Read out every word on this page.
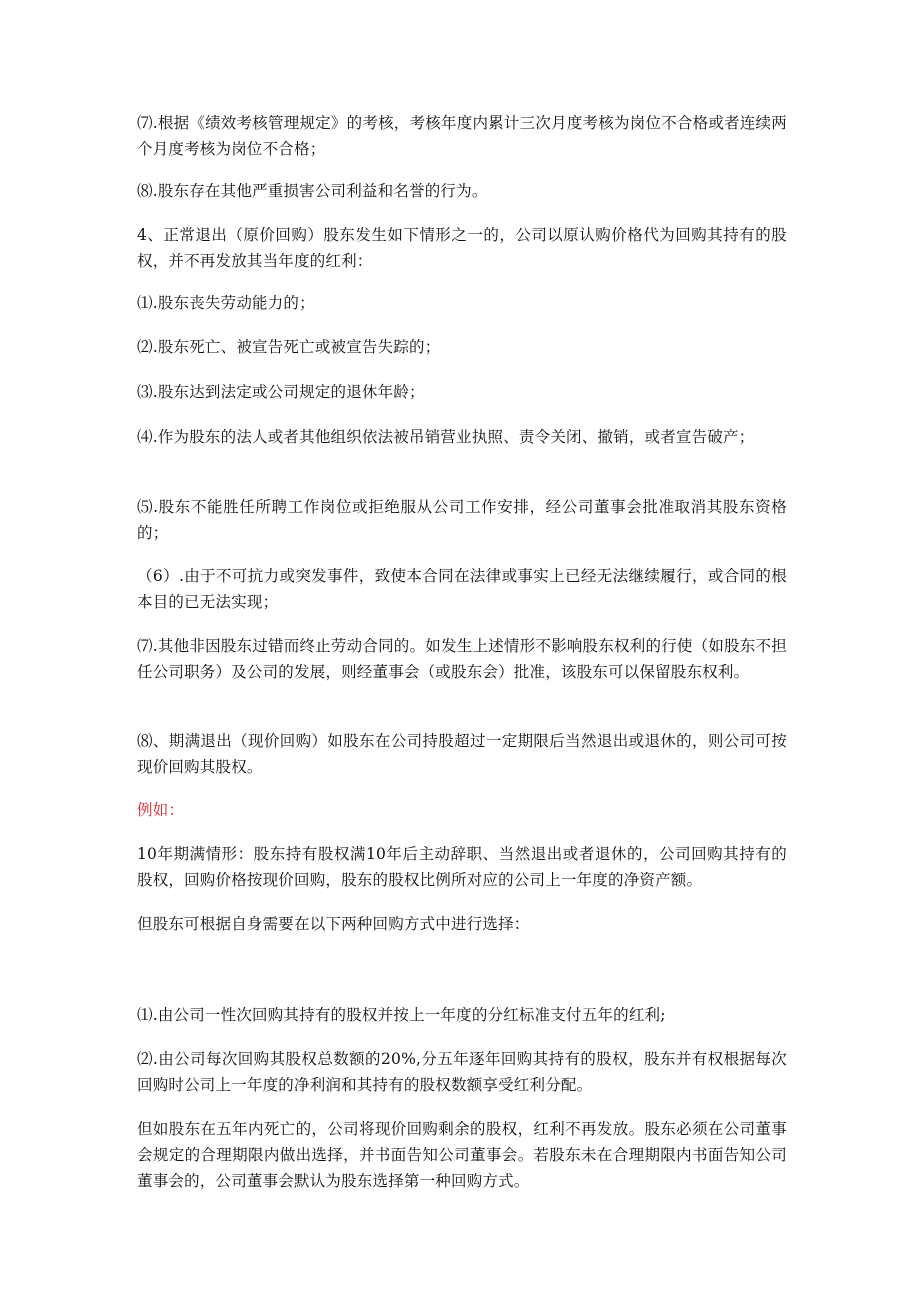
⑺.根据《绩效考核管理规定》的考核，考核年度内累计三次月度考核为岗位不合格或者连续两个月度考核为岗位不合格；

⑻.股东存在其他严重损害公司利益和名誉的行为。

4、正常退出（原价回购）股东发生如下情形之一的，公司以原认购价格代为回购其持有的股权，并不再发放其当年度的红利：

⑴.股东丧失劳动能力的；

⑵.股东死亡、被宣告死亡或被宣告失踪的；

⑶.股东达到法定或公司规定的退休年龄；

⑷.作为股东的法人或者其他组织依法被吊销营业执照、责令关闭、撤销，或者宣告破产；

⑸.股东不能胜任所聘工作岗位或拒绝服从公司工作安排，经公司董事会批准取消其股东资格的；

（6）.由于不可抗力或突发事件，致使本合同在法律或事实上已经无法继续履行，或合同的根本目的已无法实现；

⑺.其他非因股东过错而终止劳动合同的。如发生上述情形不影响股东权利的行使（如股东不担任公司职务）及公司的发展，则经董事会（或股东会）批准，该股东可以保留股东权利。

⑻、期满退出（现价回购）如股东在公司持股超过一定期限后当然退出或退休的，则公司可按现价回购其股权。

例如：

10年期满情形：股东持有股权满10年后主动辞职、当然退出或者退休的，公司回购其持有的股权，回购价格按现价回购，股东的股权比例所对应的公司上一年度的净资产额。

但股东可根据自身需要在以下两种回购方式中进行选择：

⑴.由公司一性次回购其持有的股权并按上一年度的分红标准支付五年的红利;

⑵.由公司每次回购其股权总数额的20%,分五年逐年回购其持有的股权，股东并有权根据每次回购时公司上一年度的净利润和其持有的股权数额享受红利分配。

但如股东在五年内死亡的，公司将现价回购剩余的股权，红利不再发放。股东必须在公司董事会规定的合理期限内做出选择，并书面告知公司董事会。若股东未在合理期限内书面告知公司董事会的，公司董事会默认为股东选择第一种回购方式。
